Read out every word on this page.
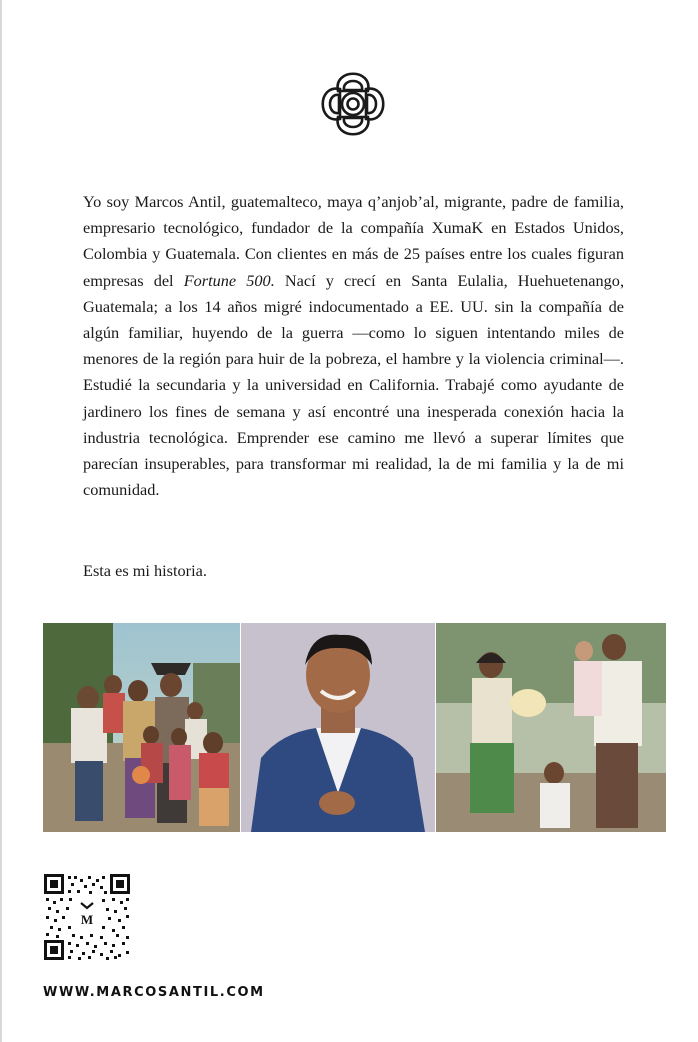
Yo soy Marcos Antil, guatemalteco, maya q’anjob’al, migrante, padre de familia, empresario tecnológico, fundador de la compañía XumaK en Estados Unidos, Colombia y Guatemala. Con clientes en más de 25 países entre los cuales figuran empresas del Fortune 500. Nací y crecí en Santa Eulalia, Huehuetenango, Guatemala; a los 14 años migré indocumentado a EE. UU. sin la compañía de algún familiar, huyendo de la guerra —como lo siguen intentando miles de menores de la región para huir de la pobreza, el hambre y la violencia criminal—. Estudié la secundaria y la universidad en California. Trabajé como ayudante de jardinero los fines de semana y así encontré una inesperada conexión hacia la industria tecnológica. Emprender ese camino me llevó a superar límites que parecían insuperables, para transformar mi realidad, la de mi familia y la de mi comunidad.

Esta es mi historia.

M
WWW.MARCOSANTIL.COM
